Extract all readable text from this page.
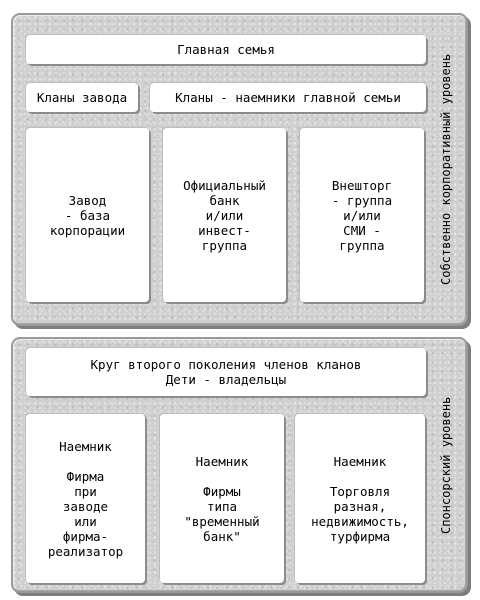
Главная семья
Кланы завода	Кланы - наемники главной семьи
Завод
- база
корпорации
Официальный
банк
и/или
инвест-
группа
Внешторг
- группа
и/или
СМИ -
группа	Собственно корпоративный уровень
Круг второго поколения членов кланов
Дети - владельцы
Наемник

Фирма
при
заводе
или
фирма-
реализатор
Наемник

Фирмы
типа
"временный
банк"
Наемник

Торговля
разная,
недвижимость,
турфирма
Спонсорский уровень
